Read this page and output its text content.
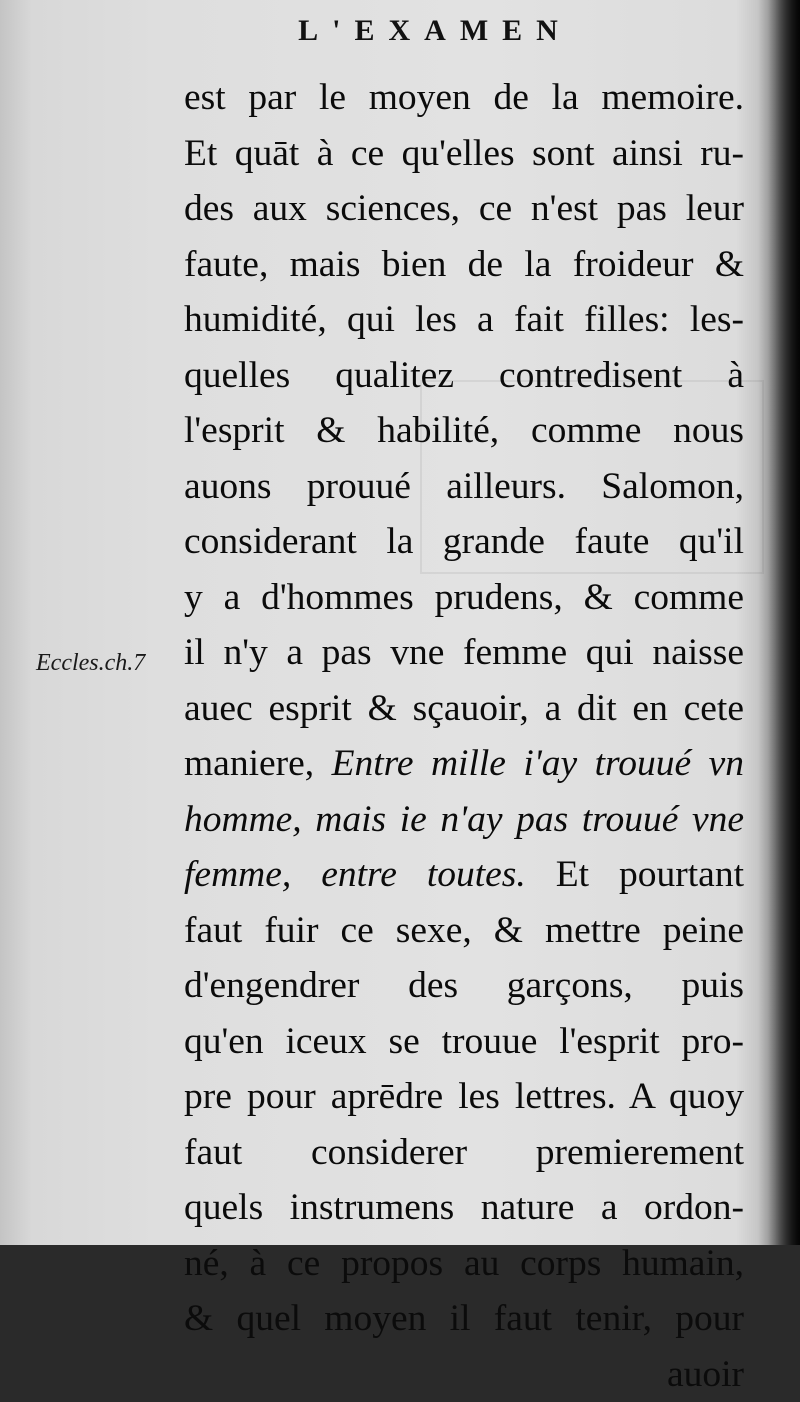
L'EXAMEN
Eccles.ch.7
est par le moyen de la memoire.
Et quāt à ce qu'elles sont ainsi ru-
des aux sciences, ce n'est pas leur
faute, mais bien de la froideur &
humidité, qui les a fait filles: les-
quelles qualitez contredisent à
l'esprit & habilité, comme nous
auons prouué ailleurs. Salomon,
considerant la grande faute qu'il
y a d'hommes prudens, & comme
il n'y a pas vne femme qui naisse
auec esprit & sçauoir, a dit en cete
maniere, Entre mille i'ay trouué vn
homme, mais ie n'ay pas trouué vne
femme, entre toutes. Et pourtant
faut fuir ce sexe, & mettre peine
d'engendrer des garçons, puis
qu'en iceux se trouue l'esprit pro-
pre pour aprēdre les lettres. A quoy
faut considerer premierement
quels instrumens nature a ordon-
né, à ce propos au corps humain,
& quel moyen il faut tenir, pour
auoir
